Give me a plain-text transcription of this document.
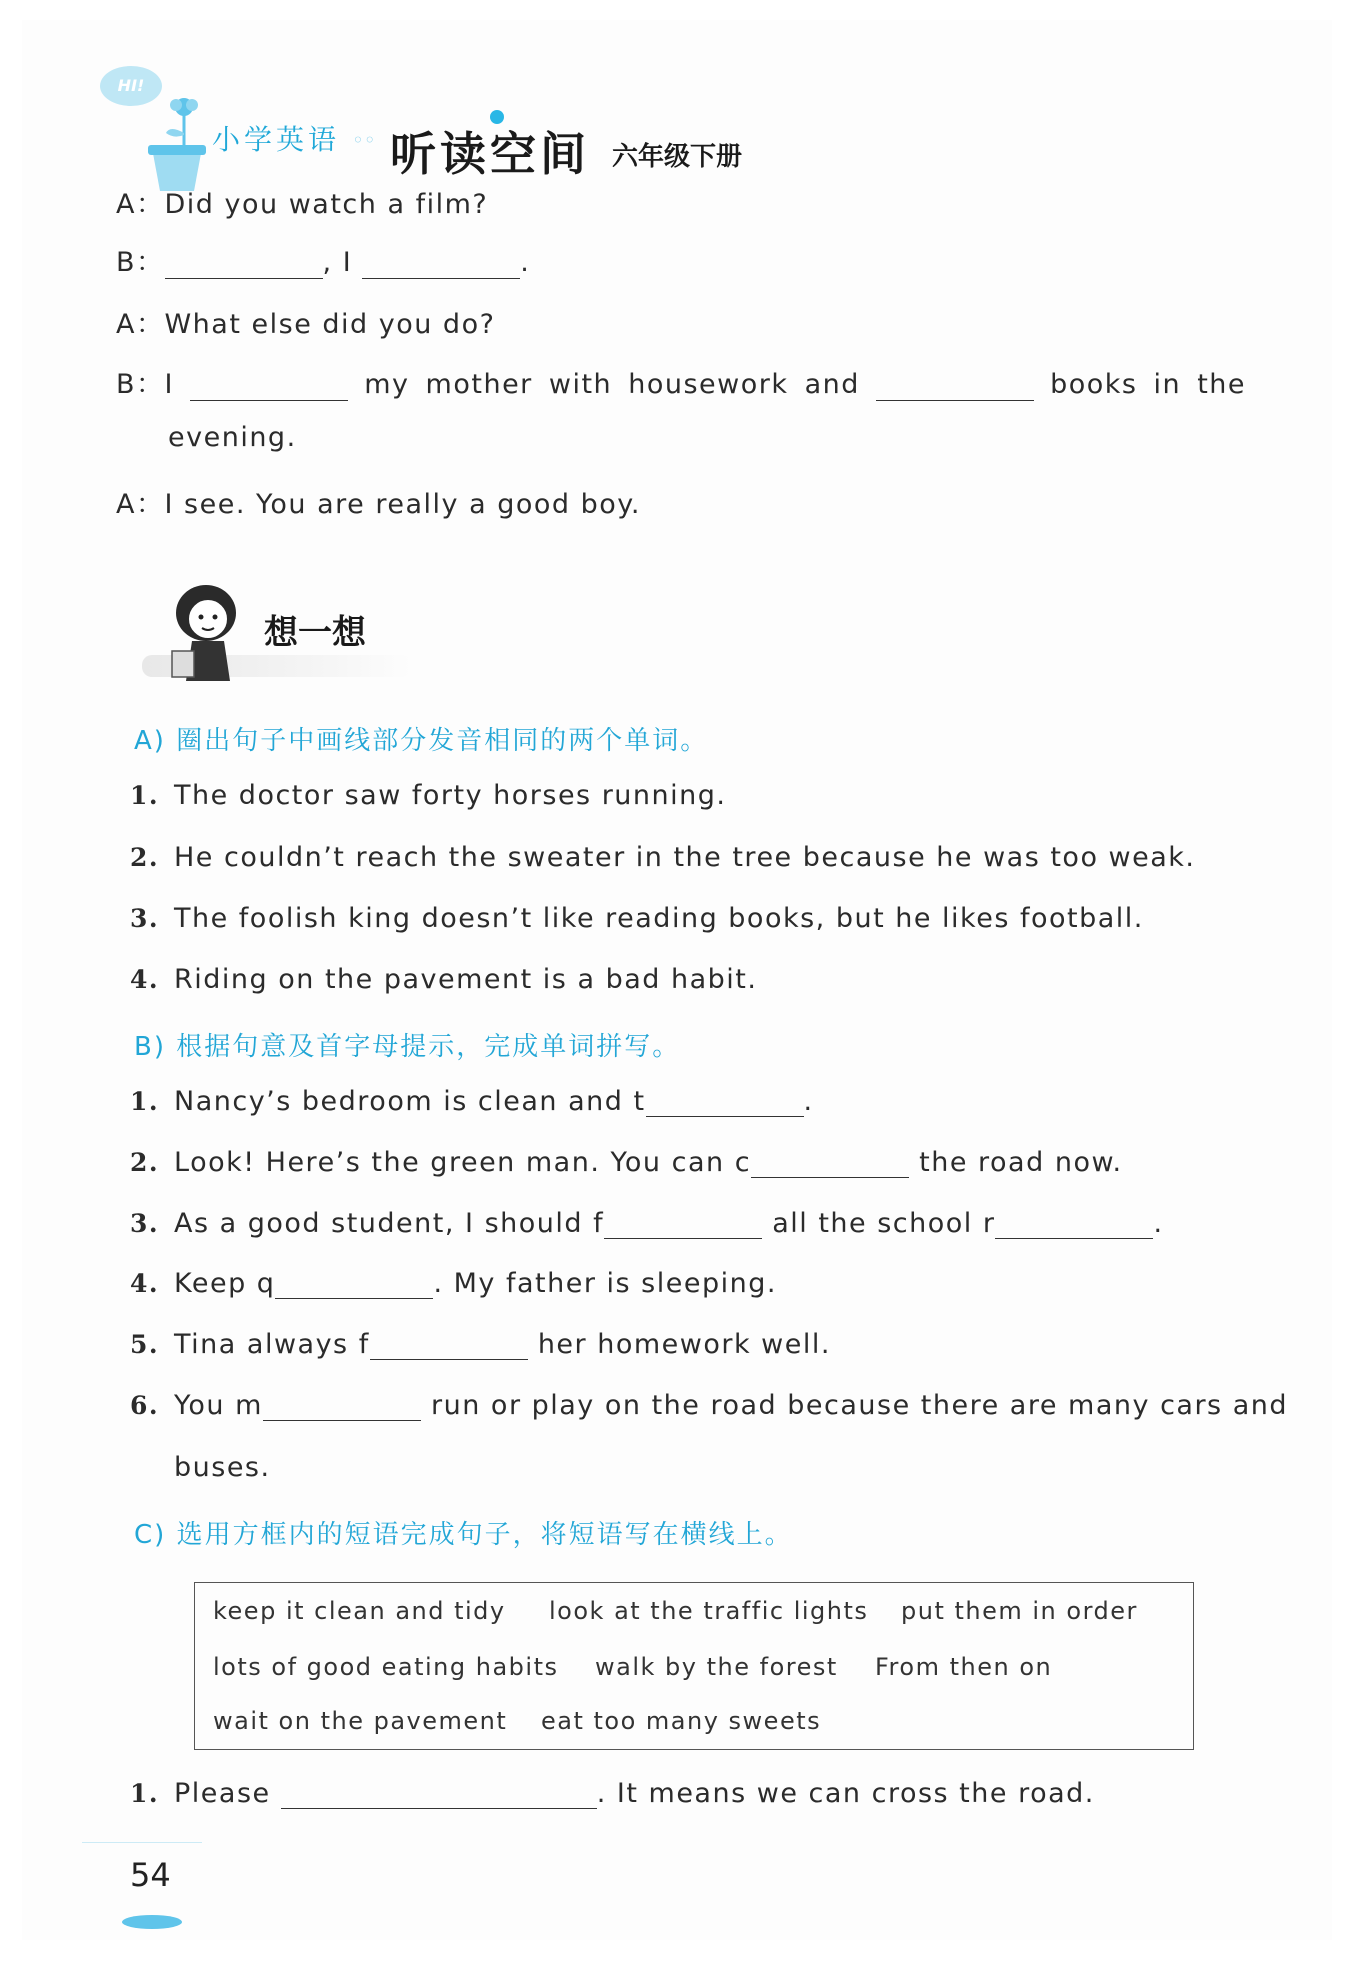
HI!
小学英语 ◦◦ 听读空间 六年级下册
A：Did you watch a film?
B：	, I	.
A：What else did you do?
B：I	my mother with housework and	books in the
evening.
A：I see. You are really a good boy.
想一想
A) 圈出句子中画线部分发音相同的两个单词。
1. The doctor saw forty horses running.
2. He couldn’t reach the sweater in the tree because he was too weak.
3. The foolish king doesn’t like reading books, but he likes football.
4. Riding on the pavement is a bad habit.
B) 根据句意及首字母提示，完成单词拼写。
1. Nancy’s bedroom is clean and t	.
2. Look! Here’s the green man. You can c	the road now.
3. As a good student, I should f	all the school r	.
4. Keep q	. My father is sleeping.
5. Tina always f	her homework well.
6. You m	run or play on the road because there are many cars and
buses.
C) 选用方框内的短语完成句子，将短语写在横线上。
keep it clean and tidy look at the traffic lights put them in order
lots of good eating habits walk by the forest From then on
wait on the pavement eat too many sweets
1. Please	. It means we can cross the road.
54
